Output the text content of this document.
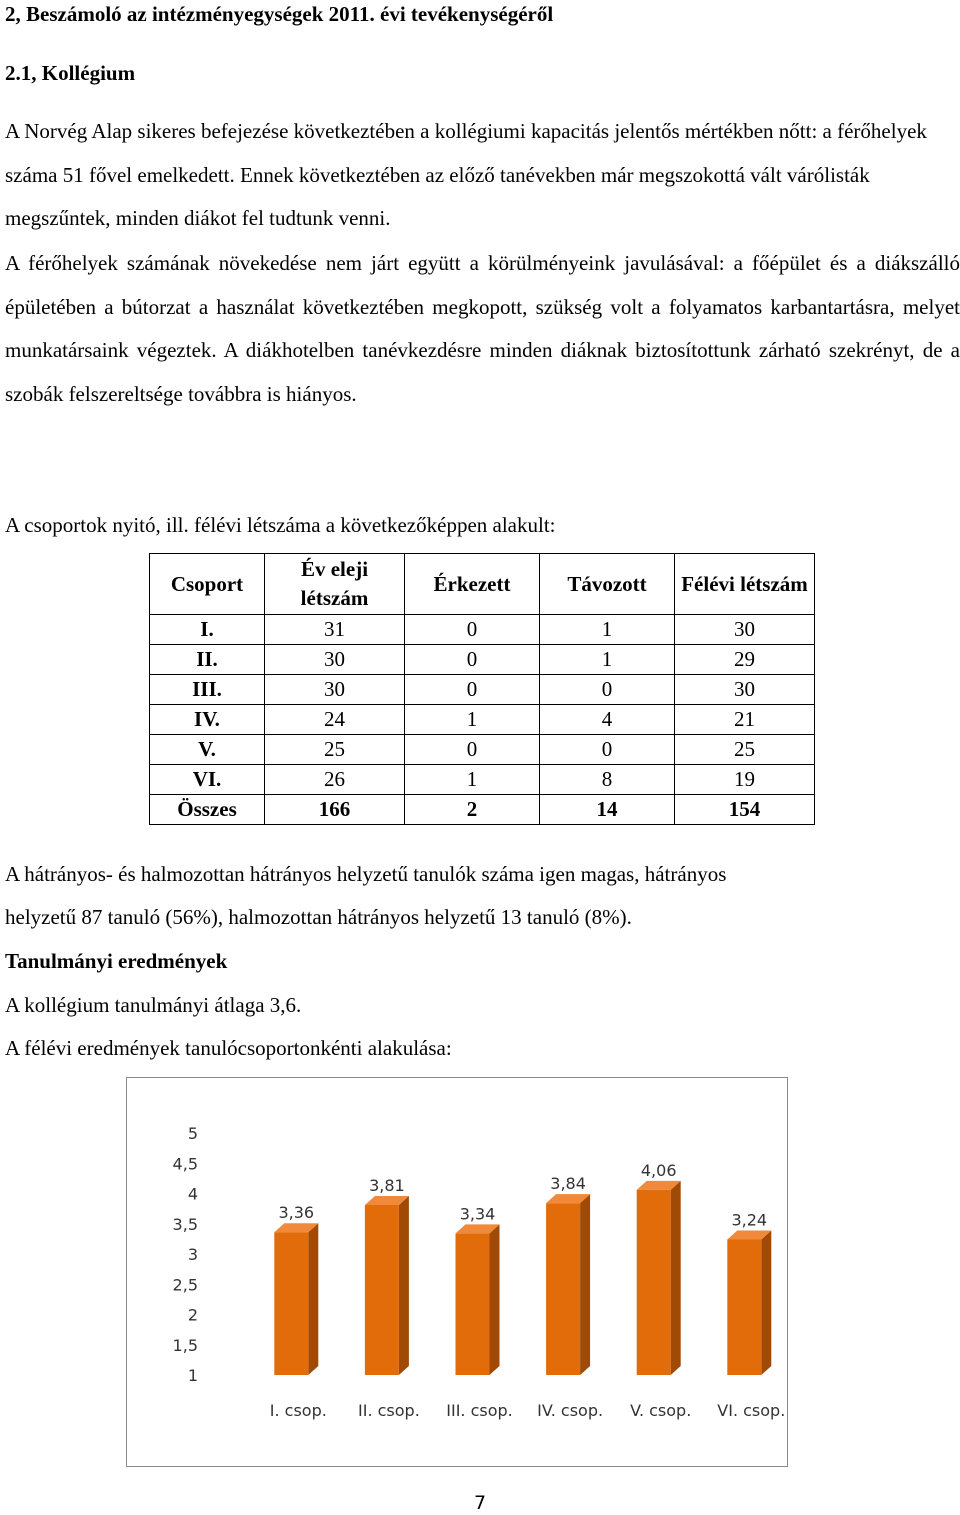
2, Beszámoló az intézményegységek 2011. évi tevékenységéről
2.1, Kollégium

A Norvég Alap sikeres befejezése következtében a kollégiumi kapacitás jelentős mértékben nőtt: a férőhelyek száma 51 fővel emelkedett. Ennek következtében az előző tanévekben már megszokottá vált várólisták megszűntek, minden diákot fel tudtunk venni.

A férőhelyek számának növekedése nem járt együtt a körülményeink javulásával: a főépület és a diákszálló épületében a bútorzat a használat következtében megkopott, szükség volt a folyamatos karbantartásra, melyet munkatársaink végeztek. A diákhotelben tanévkezdésre minden diáknak biztosítottunk zárható szekrényt, de a szobák felszereltsége továbbra is hiányos.

A csoportok nyitó, ill. félévi létszáma a következőképpen alakult:
A hátrányos- és halmozottan hátrányos helyzetű tanulók száma igen magas, hátrányos
helyzetű 87 tanuló (56%), halmozottan hátrányos helyzetű 13 tanuló (8%).
Tanulmányi eredmények
A kollégium tanulmányi átlaga 3,6.
A félévi eredmények tanulócsoportonkénti alakulása:
Csoport	Év eleji létszám	Érkezett	Távozott	Félévi létszám
I.	31	0	1	30
II.	30	0	1	29
III.	30	0	0	30
IV.	24	1	4	21
V.	25	0	0	25
VI.	26	1	8	19
Összes	166	2	14	154
1
1,5
2
2,5
3
3,5
4
4,5
5
3,36
I. csop.
3,81
II. csop.
3,34
III. csop.
3,84
IV. csop.
4,06
V. csop.
3,24
VI. csop.
7
